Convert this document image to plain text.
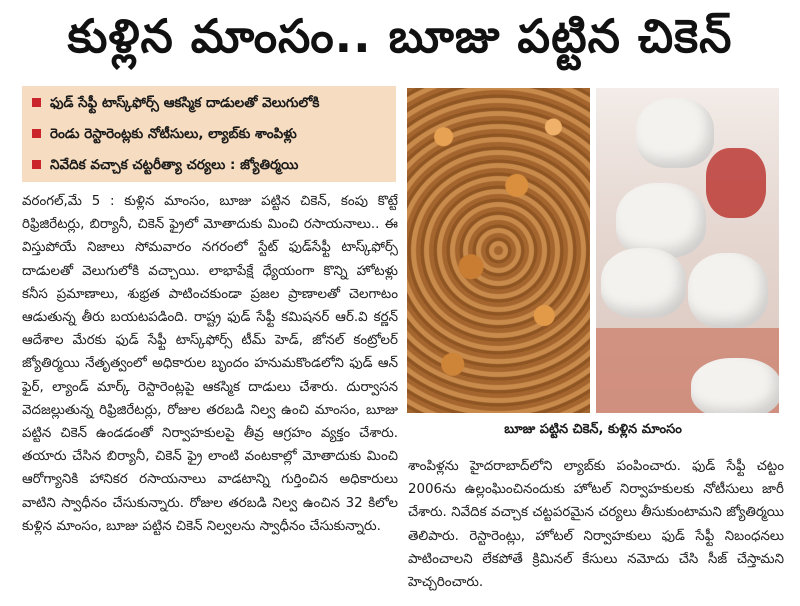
కుళ్లిన మాంసం.. బూజు పట్టిన చికెన్
ఫుడ్ సేఫ్టీ టాస్క్‌ఫోర్స్ ఆకస్మిక దాడులతో వెలుగులోకి
రెండు రెస్టారెంట్లకు నోటీసులు, ల్యాబ్‌కు శాంపిళ్లు
నివేదిక వచ్చాక చట్టరీత్యా చర్యలు : జ్యోతిర్మయి

వరంగల్,మే 5 : కుళ్లిన మాంసం, బూజు పట్టిన చికెన్, కంపు కొట్టే రిఫ్రిజిరేటర్లు, బిర్యానీ, చికెన్ ఫ్రైలో మోతాదుకు మించి రసాయనాలు.. ఈ విస్తుపోయే నిజాలు సోమవారం నగరంలో స్టేట్ ఫుడ్‌సేఫ్టీ టాస్క్‌ఫోర్స్ దాడులతో వెలుగులోకి వచ్చాయి. లాభాపేక్షే ధ్యేయంగా కొన్ని హోటళ్లు కనీస ప్రమాణాలు, శుభ్రత పాటించకుండా ప్రజల ప్రాణాలతో చెలగాటం ఆడుతున్న తీరు బయటపడింది. రాష్ట్ర ఫుడ్ సేఫ్టీ కమిషనర్ ఆర్.వి కర్ణన్ ఆదేశాల మేరకు ఫుడ్ సేఫ్టీ టాస్క్‌ఫోర్స్ టీమ్ హెడ్, జోనల్ కంట్రోలర్ జ్యోతిర్మయి నేతృత్వంలో అధికారుల బృందం హనుమకొండలోని ఫుడ్ ఆన్ ఫైర్, ల్యాండ్ మార్క్ రెస్టారెంట్లపై ఆకస్మిక దాడులు చేశారు. దుర్వాసన వెదజల్లుతున్న రిఫ్రిజిరేటర్లు, రోజుల తరబడి నిల్వ ఉంచి మాంసం, బూజు పట్టిన చికెన్ ఉండడంతో నిర్వాహకులపై తీవ్ర ఆగ్రహం వ్యక్తం చేశారు. తయారు చేసిన బిర్యానీ, చికెన్ ఫ్రై లాంటి వంటకాల్లో మోతాదుకు మించి ఆరోగ్యానికి హానికర రసాయనాలు వాడటాన్ని గుర్తించిన అధికారులు వాటిని స్వాధీనం చేసుకున్నారు. రోజుల తరబడి నిల్వ ఉంచిన 32 కిలోల కుళ్లిన మాంసం, బూజు పట్టిన చికెన్ నిల్వలను స్వాధీనం చేసుకున్నారు.

బూజు పట్టిన చికెన్, కుళ్లిన మాంసం

శాంపిళ్లను హైదరాబాద్‌లోని ల్యాబ్‌కు పంపించారు. ఫుడ్ సేఫ్టీ చట్టం 2006ను ఉల్లంఘించినందుకు హోటల్ నిర్వాహకులకు నోటీసులు జారీ చేశారు. నివేదిక వచ్చాక చట్టపరమైన చర్యలు తీసుకుంటామని జ్యోతిర్మయి తెలిపారు. రెస్టారెంట్లు, హోటల్ నిర్వాహకులు ఫుడ్ సేఫ్టీ నిబంధనలు పాటించాలని లేకపోతే క్రిమినల్ కేసులు నమోదు చేసి సీజ్ చేస్తామని హెచ్చరించారు.
